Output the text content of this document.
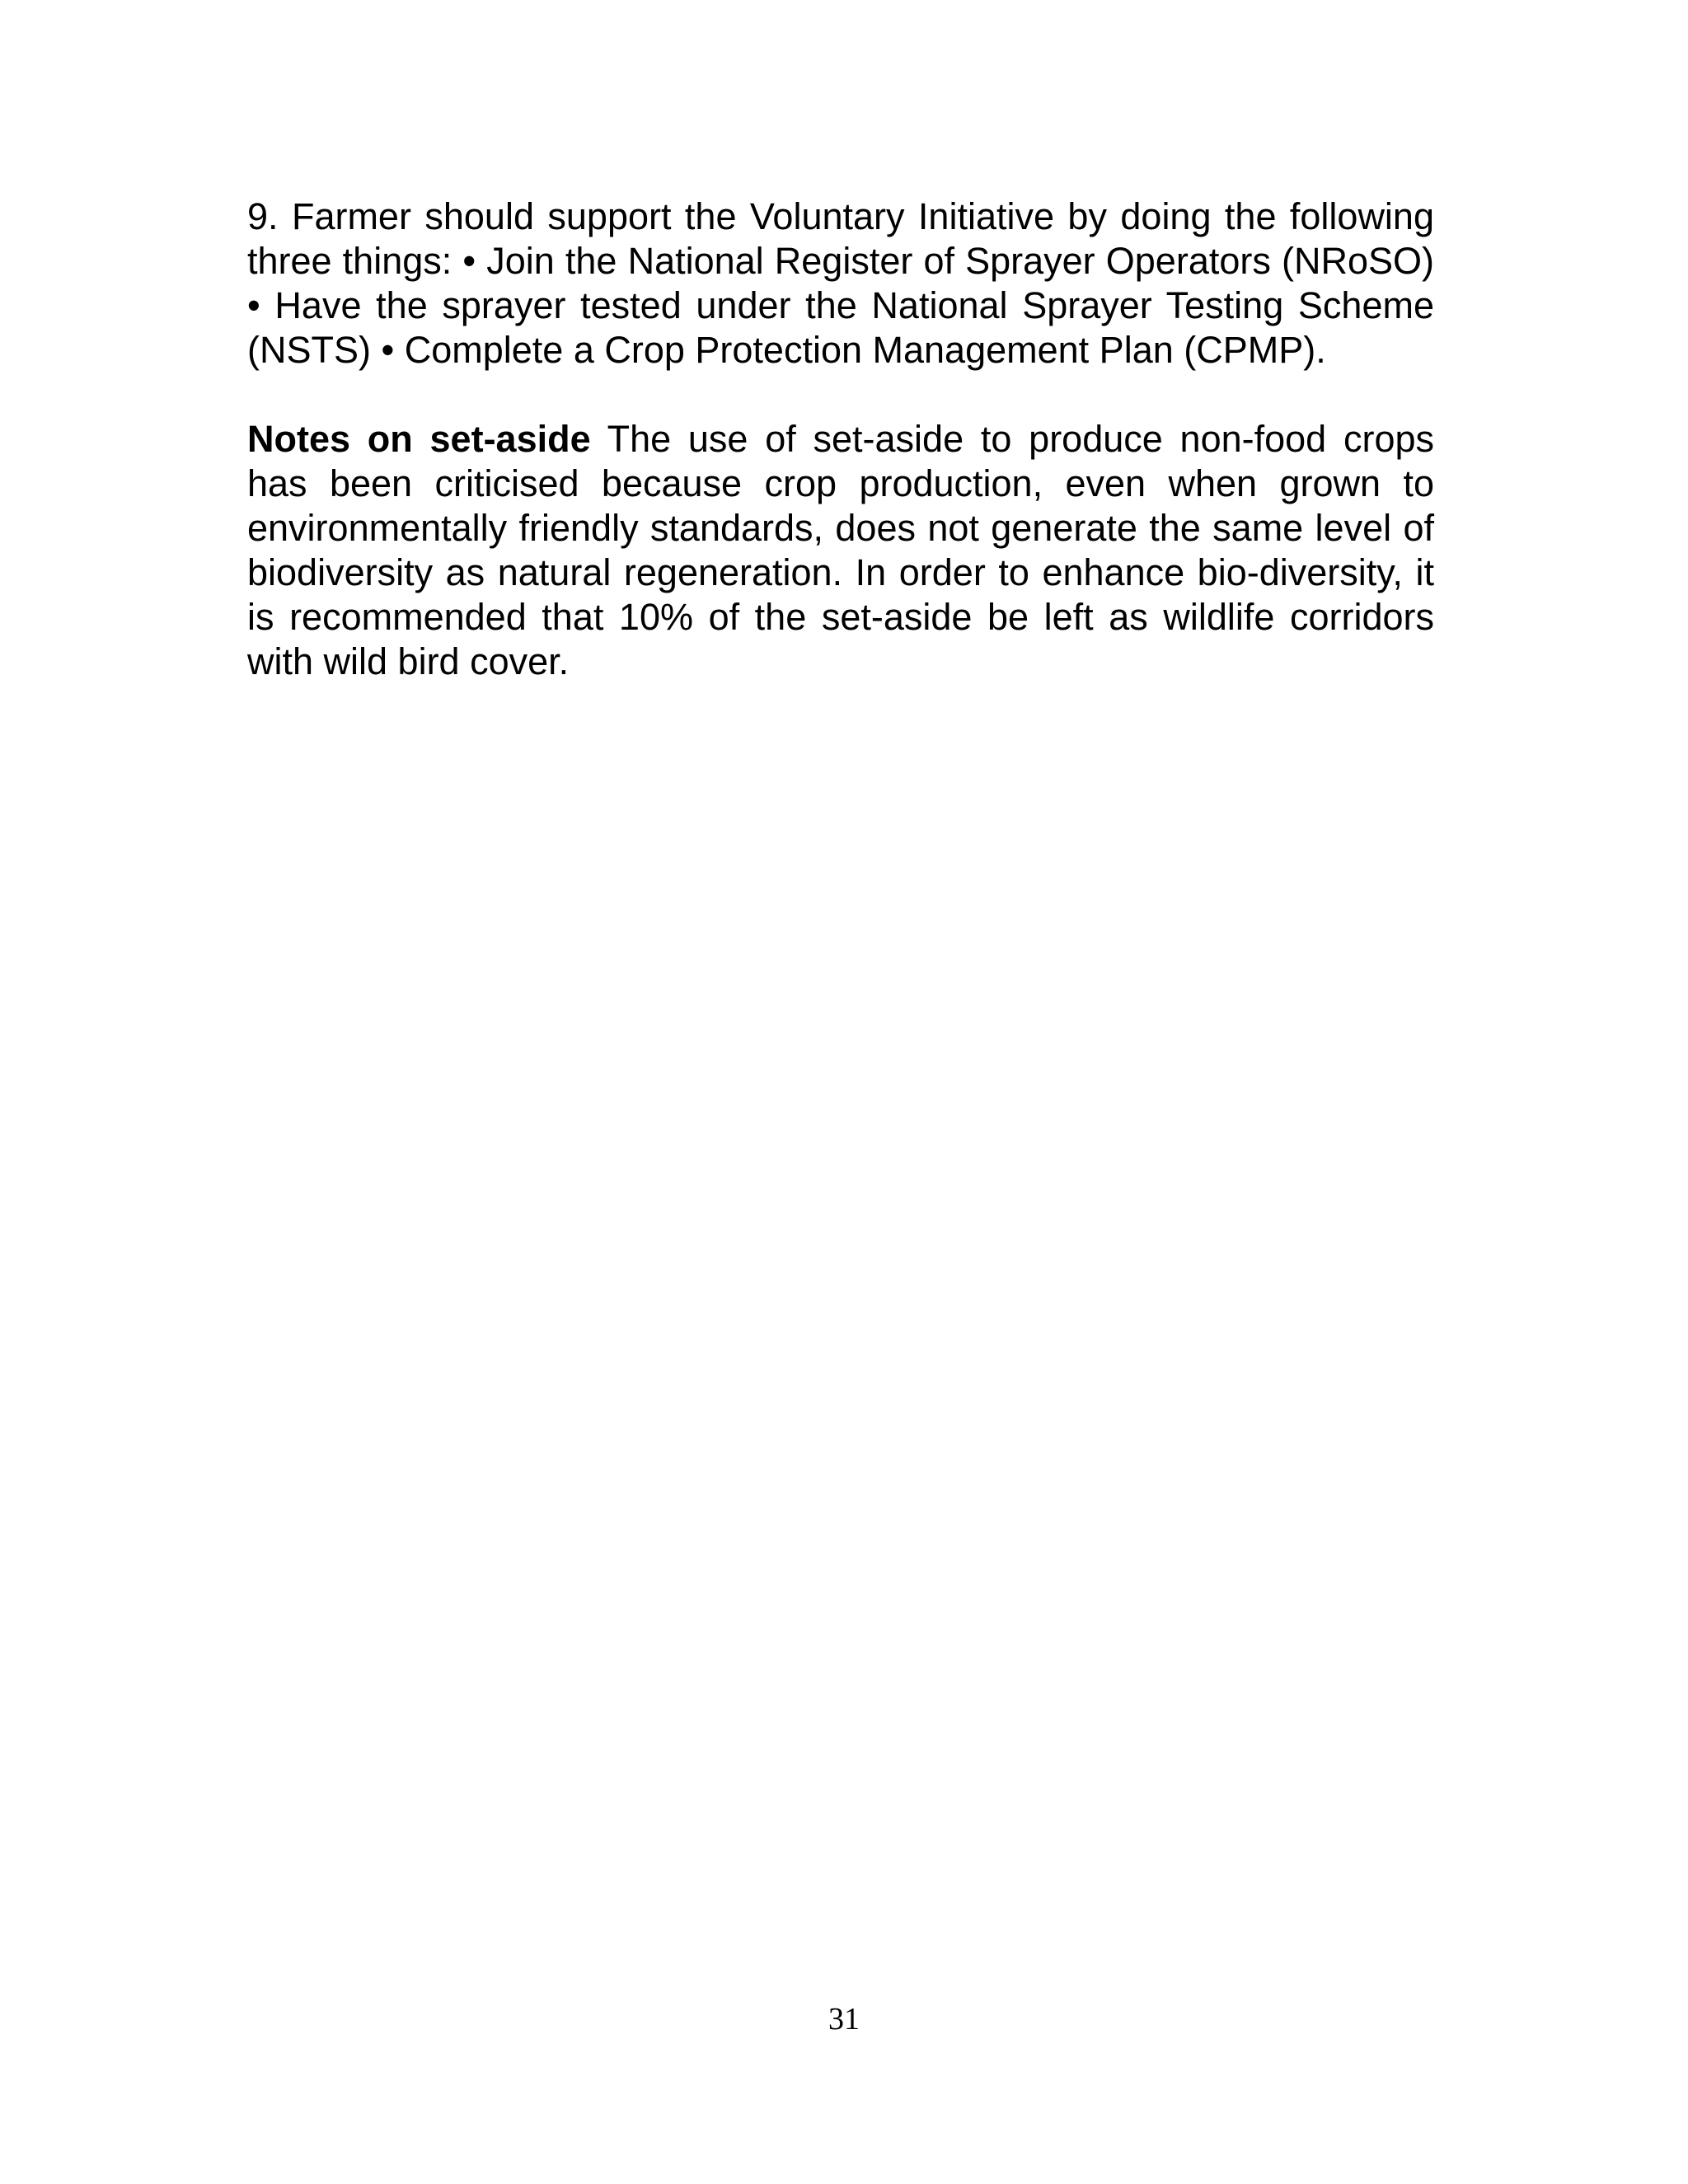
9. Farmer should support the Voluntary Initiative by doing the following three things: • Join the National Register of Sprayer Operators (NRoSO) • Have the sprayer tested under the National Sprayer Testing Scheme (NSTS) • Complete a Crop Protection Management Plan (CPMP).

Notes on set-aside The use of set-aside to produce non-food crops has been criticised because crop production, even when grown to environmentally friendly standards, does not generate the same level of biodiversity as natural regeneration. In order to enhance bio-diversity, it is recommended that 10% of the set-aside be left as wildlife corridors with wild bird cover.

31
